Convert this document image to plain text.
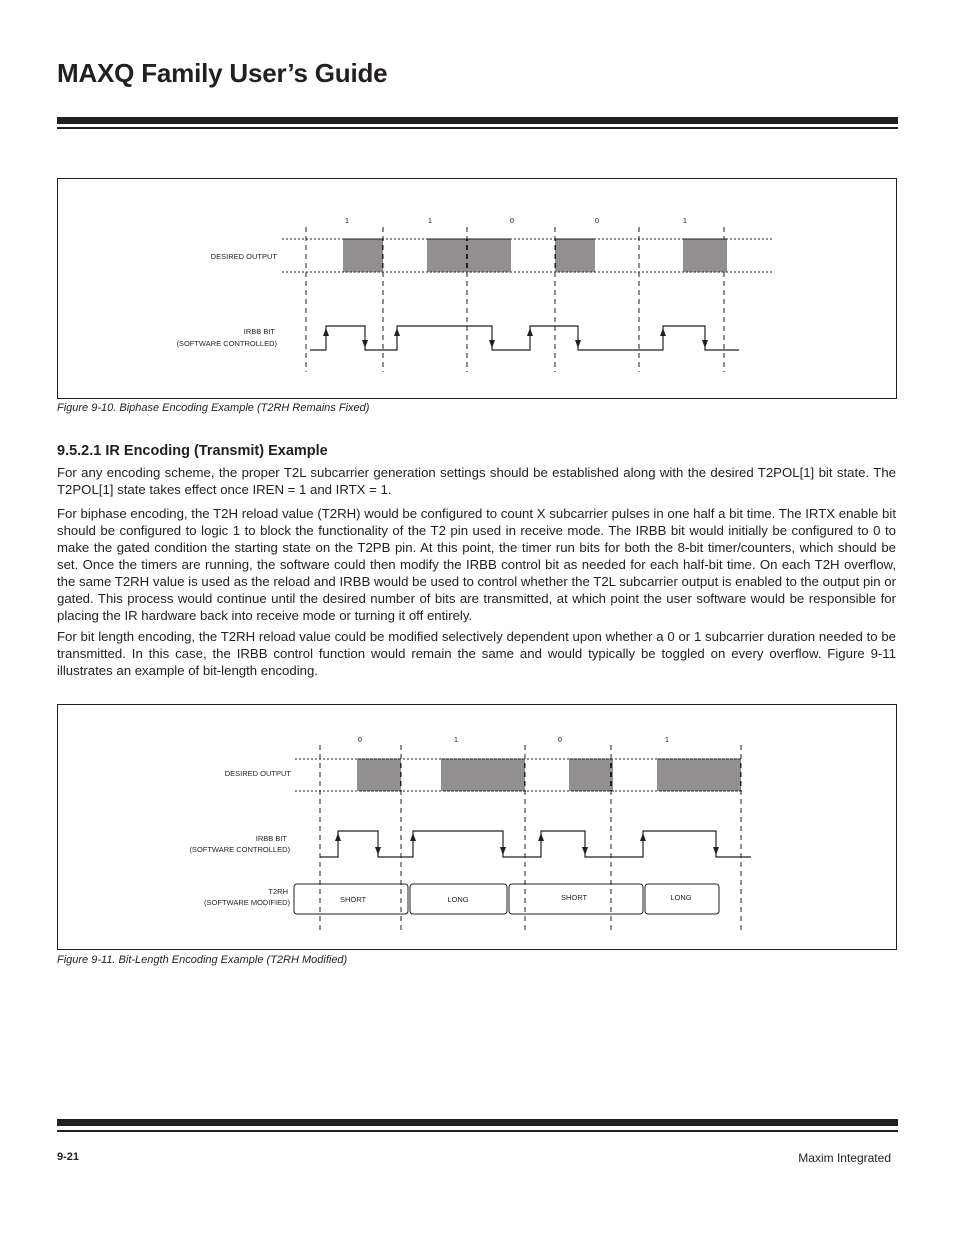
MAXQ Family User’s Guide
1	1	0	0	1
DESIRED OUTPUT
IRBB BIT
(SOFTWARE CONTROLLED)
Figure 9-10. Biphase Encoding Example (T2RH Remains Fixed)
9.5.2.1 IR Encoding (Transmit) Example

For any encoding scheme, the proper T2L subcarrier generation settings should be established along with the desired T2POL[1] bit state. The T2POL[1] state takes effect once IREN = 1 and IRTX = 1.

For biphase encoding, the T2H reload value (T2RH) would be configured to count X subcarrier pulses in one half a bit time. The IRTX enable bit should be configured to logic 1 to block the functionality of the T2 pin used in receive mode. The IRBB bit would initially be configured to 0 to make the gated condition the starting state on the T2PB pin. At this point, the timer run bits for both the 8-bit timer/counters, which should be set. Once the timers are running, the software could then modify the IRBB control bit as needed for each half-bit time. On each T2H overflow, the same T2RH value is used as the reload and IRBB would be used to control whether the T2L subcarrier output is enabled to the output pin or gated. This process would continue until the desired number of bits are transmitted, at which point the user software would be responsible for placing the IR hardware back into receive mode or turning it off entirely.

For bit length encoding, the T2RH reload value could be modified selectively dependent upon whether a 0 or 1 subcarrier duration needed to be transmitted. In this case, the IRBB control function would remain the same and would typically be toggled on every overflow. Figure 9-11 illustrates an example of bit-length encoding.

0	1	0	1
DESIRED OUTPUT
IRBB BIT
(SOFTWARE CONTROLLED)
T2RH
(SOFTWARE MODIFIED)	SHORT	LONG	SHORT	LONG
Figure 9-11. Bit-Length Encoding Example (T2RH Modified)
9-21	Maxim Integrated
